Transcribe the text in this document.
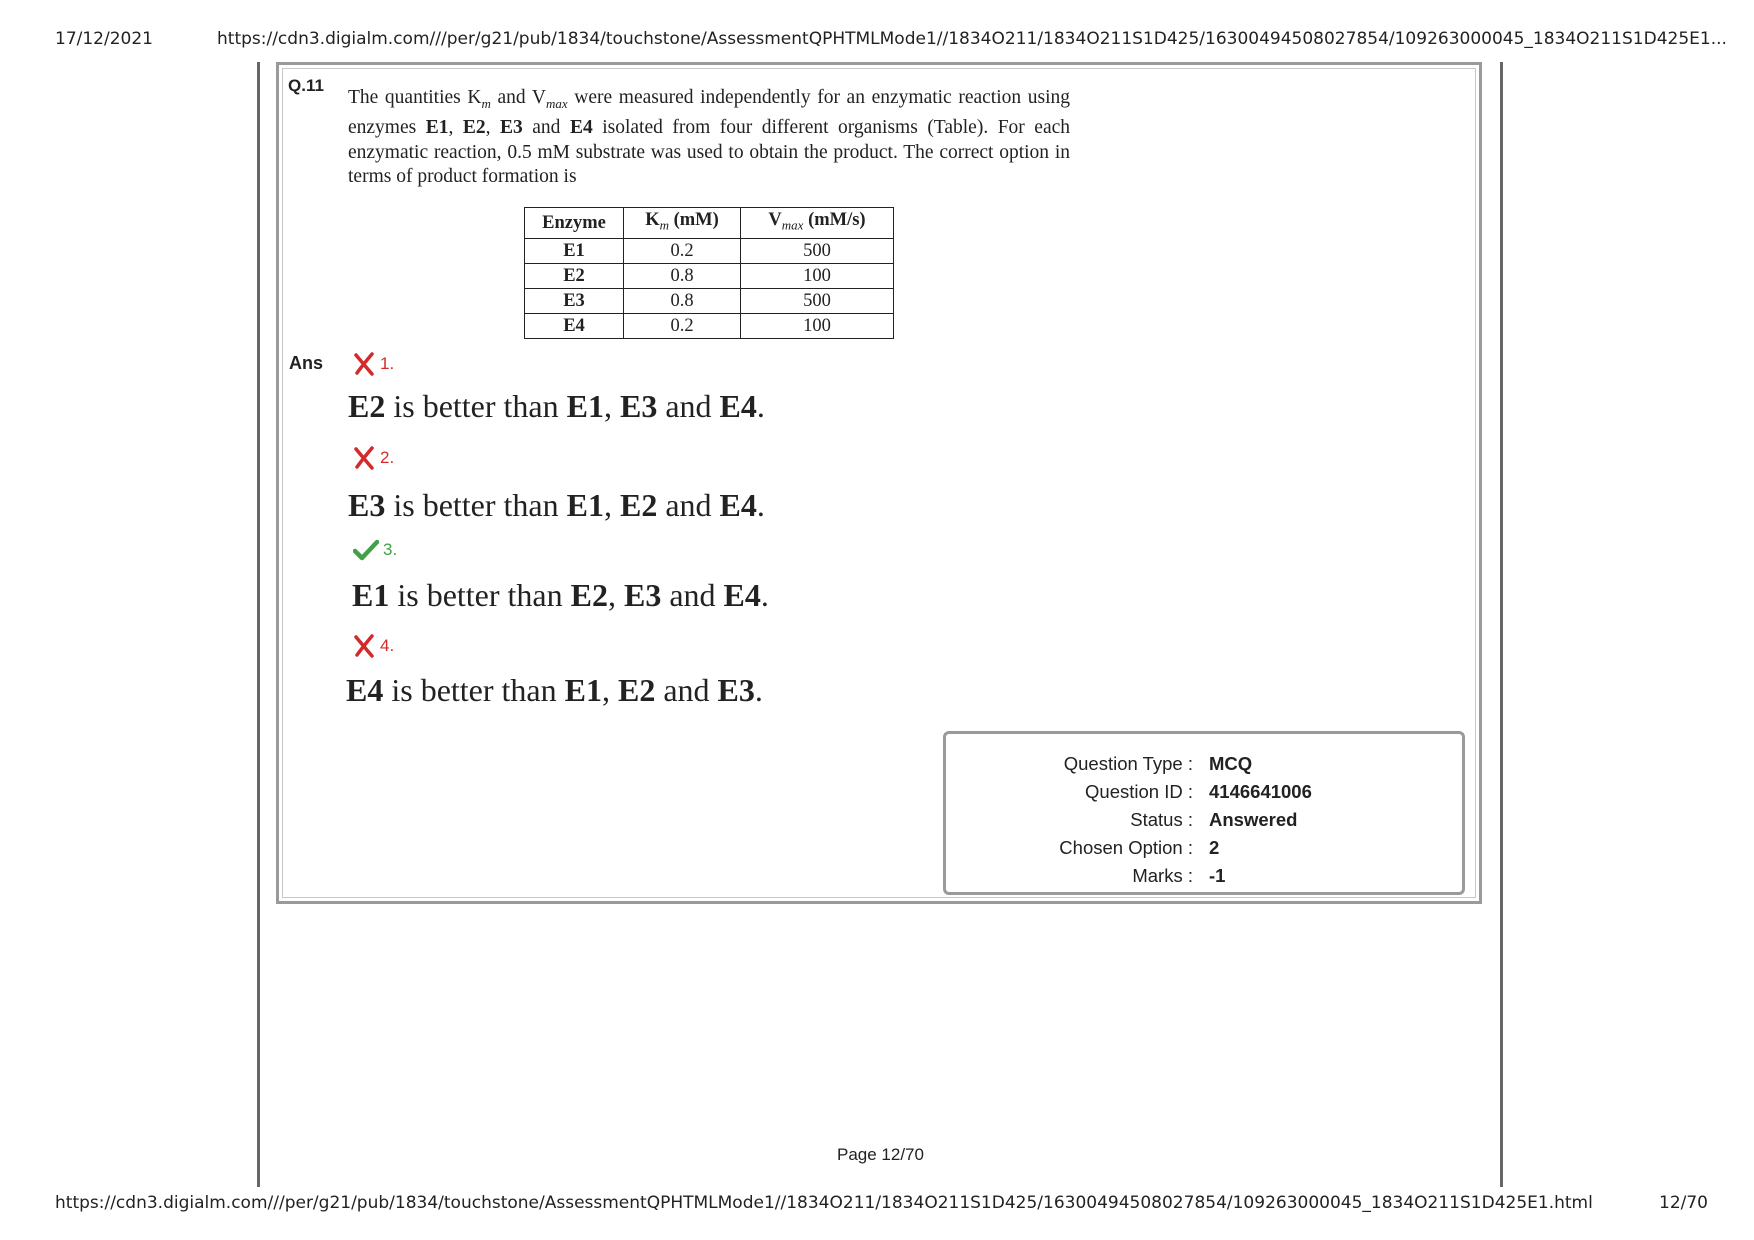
17/12/2021	https://cdn3.digialm.com///per/g21/pub/1834/touchstone/AssessmentQPHTMLMode1//1834O211/1834O211S1D425/16300494508027854/109263000045_1834O211S1D425E1...
Q.11
The quantities $K_m$ and $V_{max}$ were measured independently for an enzymatic reaction using enzymes E1, E2, E3 and E4 isolated from four different organisms (Table). For each enzymatic reaction, 0.5 mM substrate was used to obtain the product. The correct option in terms of product formation is
Enzyme	$K_m$ (mM)	$V_{max}$ (mM/s)
E1	0.2	500
E2	0.8	100
E3	0.8	500
E4	0.2	100
Ans	1.
E2 is better than E1, E3 and E4.
2.
E3 is better than E1, E2 and E4.
3.
E1 is better than E2, E3 and E4.
4.
E4 is better than E1, E2 and E3.
Question Type : MCQ
Question ID : 4146641006
Status : Answered
Chosen Option : 2
Marks : -1
Page 12/70
https://cdn3.digialm.com///per/g21/pub/1834/touchstone/AssessmentQPHTMLMode1//1834O211/1834O211S1D425/16300494508027854/109263000045_1834O211S1D425E1.html	12/70
